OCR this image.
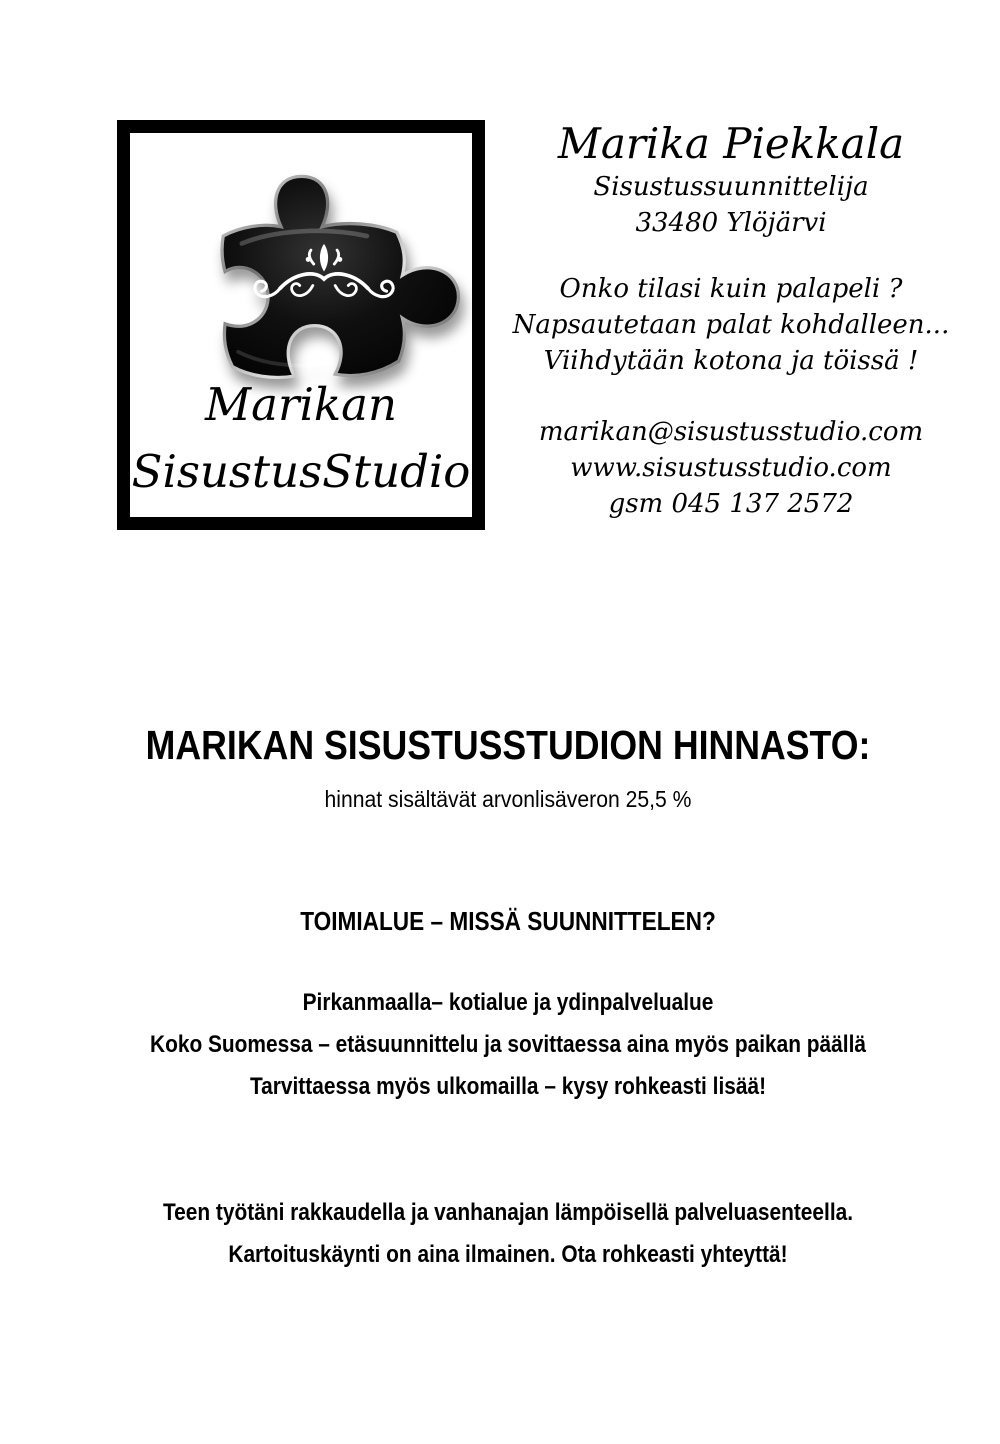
Marikan
SisustusStudio
Marika Piekkala
Sisustussuunnittelija
33480 Ylöjärvi
Onko tilasi kuin palapeli ?
Napsautetaan palat kohdalleen...
Viihdytään kotona ja töissä !
marikan@sisustusstudio.com
www.sisustusstudio.com
gsm 045 137 2572
MARIKAN SISUSTUSSTUDION HINNASTO:
hinnat sisältävät arvonlisäveron 25,5 %
TOIMIALUE – MISSÄ SUUNNITTELEN?
Pirkanmaalla– kotialue ja ydinpalvelualue
Koko Suomessa – etäsuunnittelu ja sovittaessa aina myös paikan päällä
Tarvittaessa myös ulkomailla – kysy rohkeasti lisää!
Teen työtäni rakkaudella ja vanhanajan lämpöisellä palveluasenteella.
Kartoituskäynti on aina ilmainen. Ota rohkeasti yhteyttä!
